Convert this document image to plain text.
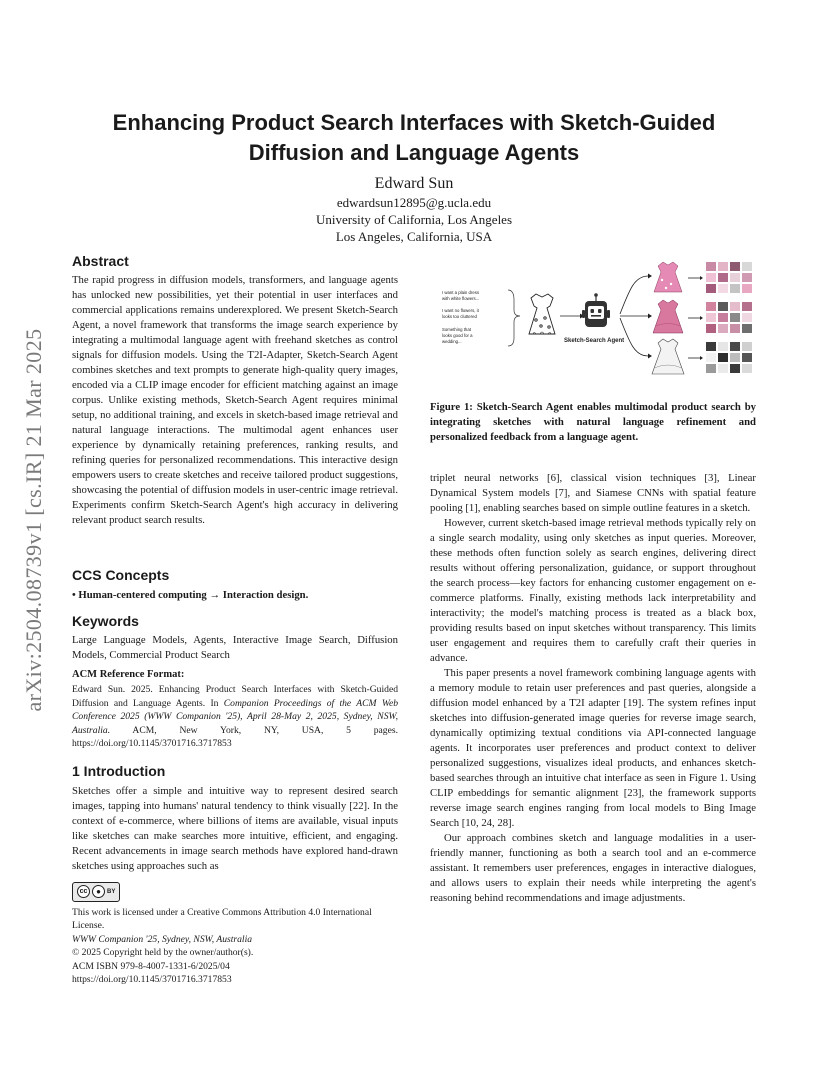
arXiv:2504.08739v1 [cs.IR] 21 Mar 2025
Enhancing Product Search Interfaces with Sketch-Guided Diffusion and Language Agents
Edward Sun
edwardsun12895@g.ucla.edu
University of California, Los Angeles
Los Angeles, California, USA
Abstract

The rapid progress in diffusion models, transformers, and language agents has unlocked new possibilities, yet their potential in user interfaces and commercial applications remains underexplored. We present Sketch-Search Agent, a novel framework that transforms the image search experience by integrating a multimodal language agent with freehand sketches as control signals for diffusion models. Using the T2I-Adapter, Sketch-Search Agent combines sketches and text prompts to generate high-quality query images, encoded via a CLIP image encoder for efficient matching against an image corpus. Unlike existing methods, Sketch-Search Agent requires minimal setup, no additional training, and excels in sketch-based image retrieval and natural language interactions. The multimodal agent enhances user experience by dynamically retaining preferences, ranking results, and refining queries for personalized recommendations. This interactive design empowers users to create sketches and receive tailored product suggestions, showcasing the potential of diffusion models in user-centric image retrieval. Experiments confirm Sketch-Search Agent's high accuracy in delivering relevant product search results.

CCS Concepts

• Human-centered computing → Interaction design.

Keywords

Large Language Models, Agents, Interactive Image Search, Diffusion Models, Commercial Product Search

ACM Reference Format:

Edward Sun. 2025. Enhancing Product Search Interfaces with Sketch-Guided Diffusion and Language Agents. In Companion Proceedings of the ACM Web Conference 2025 (WWW Companion '25), April 28-May 2, 2025, Sydney, NSW, Australia. ACM, New York, NY, USA, 5 pages. https://doi.org/10.1145/3701716.3717853

1 Introduction

Sketches offer a simple and intuitive way to represent desired search images, tapping into humans' natural tendency to think visually [22]. In the context of e-commerce, where billions of items are available, visual inputs like sketches can make searches more intuitive, efficient, and engaging. Recent advancements in image search methods have explored hand-drawn sketches using approaches such as

cc	●	BY
This work is licensed under a Creative Commons Attribution 4.0 International License.
WWW Companion '25, Sydney, NSW, Australia
© 2025 Copyright held by the owner/author(s).
ACM ISBN 979-8-4007-1331-6/2025/04
https://doi.org/10.1145/3701716.3717853
I want a plain dress
with white flowers...
I want no flowers, it
looks too cluttered
Something that
looks good for a
wedding...	Sketch-Search Agent
Figure 1: Sketch-Search Agent enables multimodal product search by integrating sketches with natural language refinement and personalized feedback from a language agent.

triplet neural networks [6], classical vision techniques [3], Linear Dynamical System models [7], and Siamese CNNs with spatial feature pooling [1], enabling searches based on simple outline features in a sketch.

However, current sketch-based image retrieval methods typically rely on a single search modality, using only sketches as input queries. Moreover, these methods often function solely as search engines, delivering direct results without offering personalization, guidance, or support throughout the search process—key factors for enhancing customer engagement on e-commerce platforms. Finally, existing methods lack interpretability and interactivity; the model's matching process is treated as a black box, providing results based on input sketches without transparency. This limits user engagement and requires them to carefully craft their queries in advance.

This paper presents a novel framework combining language agents with a memory module to retain user preferences and past queries, alongside a diffusion model enhanced by a T2I adapter [19]. The system refines input sketches into diffusion-generated image queries for reverse image search, dynamically optimizing textual conditions via API-connected language agents. It incorporates user preferences and product context to deliver personalized suggestions, visualizes ideal products, and enhances sketch-based searches through an intuitive chat interface as seen in Figure 1. Using CLIP embeddings for semantic alignment [23], the framework supports reverse image search engines ranging from local models to Bing Image Search [10, 24, 28].

Our approach combines sketch and language modalities in a user-friendly manner, functioning as both a search tool and an e-commerce assistant. It remembers user preferences, engages in interactive dialogues, and allows users to explain their needs while interpreting the agent's reasoning behind recommendations and image adjustments.
